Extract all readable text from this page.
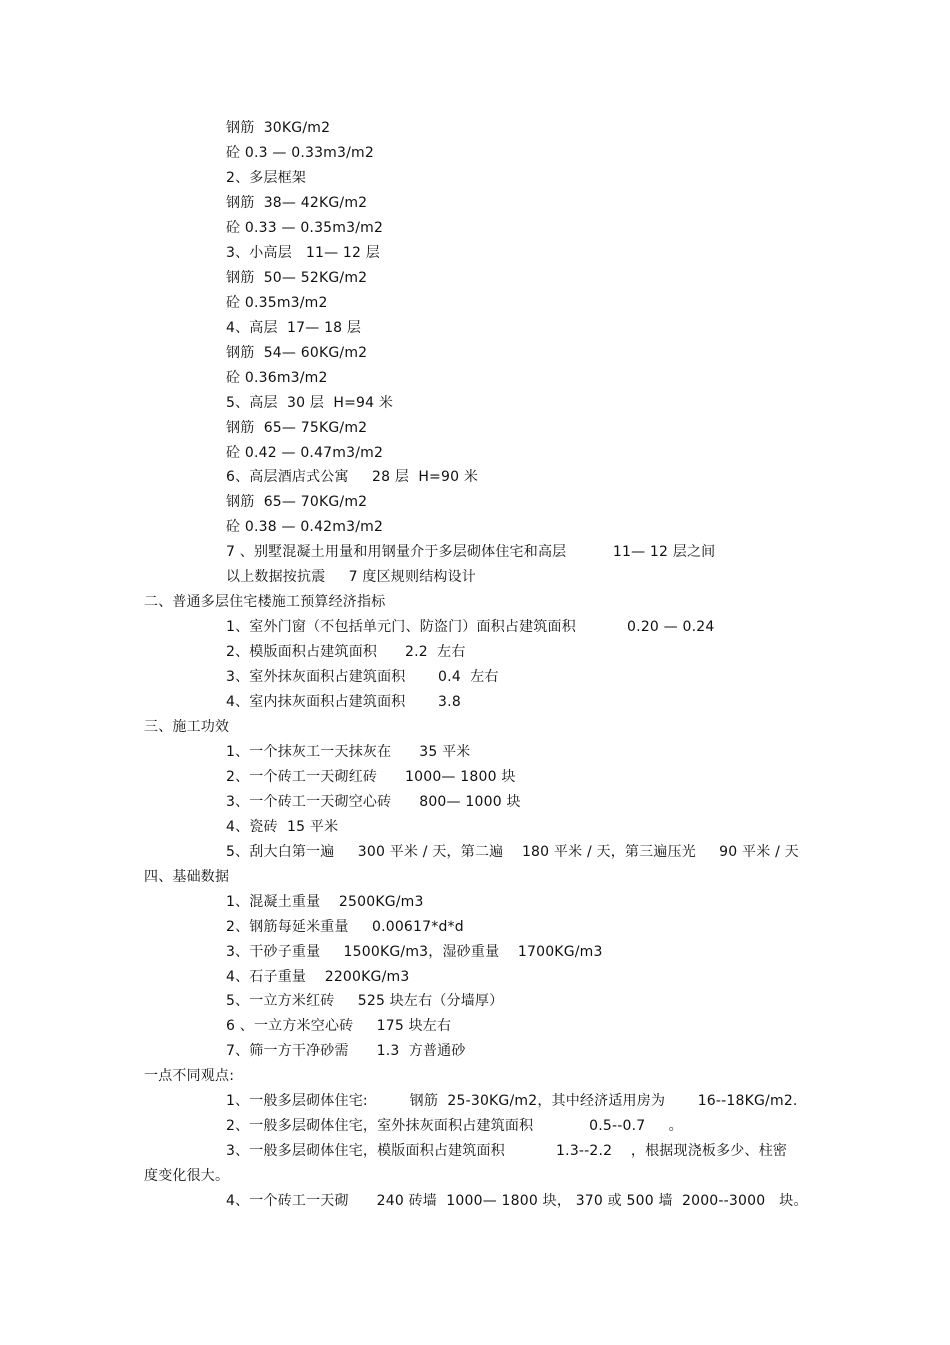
钢筋  30KG/m2
砼 0.3 — 0.33m3/m2
2、多层框架
钢筋  38— 42KG/m2
砼 0.33 — 0.35m3/m2
3、小高层   11— 12 层
钢筋  50— 52KG/m2
砼 0.35m3/m2
4、高层  17— 18 层
钢筋  54— 60KG/m2
砼 0.36m3/m2
5、高层  30 层  H=94 米
钢筋  65— 75KG/m2
砼 0.42 — 0.47m3/m2
6、高层酒店式公寓     28 层  H=90 米
钢筋  65— 70KG/m2
砼 0.38 — 0.42m3/m2
7 、别墅混凝土用量和用钢量介于多层砌体住宅和高层          11— 12 层之间
以上数据按抗震     7 度区规则结构设计
二、普通多层住宅楼施工预算经济指标
1、室外门窗（不包括单元门、防盗门）面积占建筑面积           0.20 — 0.24
2、模版面积占建筑面积      2.2  左右
3、室外抹灰面积占建筑面积       0.4  左右
4、室内抹灰面积占建筑面积       3.8
三、施工功效
1、一个抹灰工一天抹灰在      35 平米
2、一个砖工一天砌红砖      1000— 1800 块
3、一个砖工一天砌空心砖      800— 1000 块
4、瓷砖  15 平米
5、刮大白第一遍     300 平米 / 天，第二遍    180 平米 / 天，第三遍压光     90 平米 / 天
四、基础数据
1、混凝土重量    2500KG/m3
2、钢筋每延米重量     0.00617*d*d
3、干砂子重量     1500KG/m3，湿砂重量    1700KG/m3
4、石子重量    2200KG/m3
5、一立方米红砖     525 块左右（分墙厚）
6 、一立方米空心砖     175 块左右
7、筛一方干净砂需      1.3  方普通砂
一点不同观点:
1、一般多层砌体住宅:         钢筋  25-30KG/m2，其中经济适用房为       16--18KG/m2.
2、一般多层砌体住宅，室外抹灰面积占建筑面积            0.5--0.7     。
3、一般多层砌体住宅，模版面积占建筑面积           1.3--2.2    ，根据现浇板多少、柱密
度变化很大。
4、一个砖工一天砌      240 砖墙  1000— 1800 块， 370 或 500 墙  2000--3000   块。
